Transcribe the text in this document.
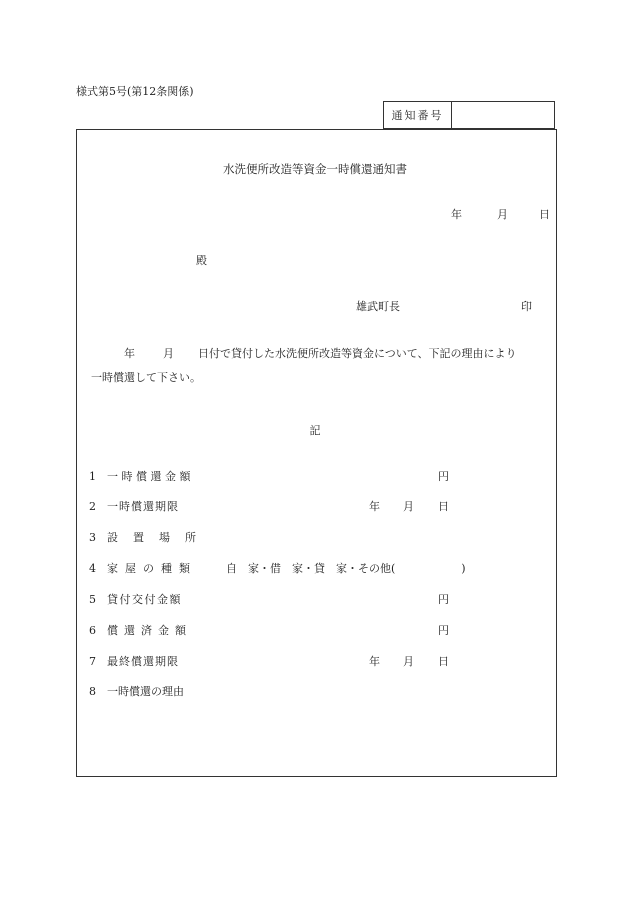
様式第5号(第12条関係)
通知番号
水洗便所改造等資金一時償還通知書
年	月	日
殿
雄武町長	印
年	月 日付で貸付した水洗便所改造等資金について、下記の理由により
一時償還して下さい。
記
1 一時償還金額	円
2 一時償還期限	年 月 日
3 設置場所
4 家屋の種類	自　家・借　家・貸　家・その他(　　　　　　)
5 貸付交付金額	円
6 償還済金額	円
7 最終償還期限	年 月 日
8 一時償還の理由
